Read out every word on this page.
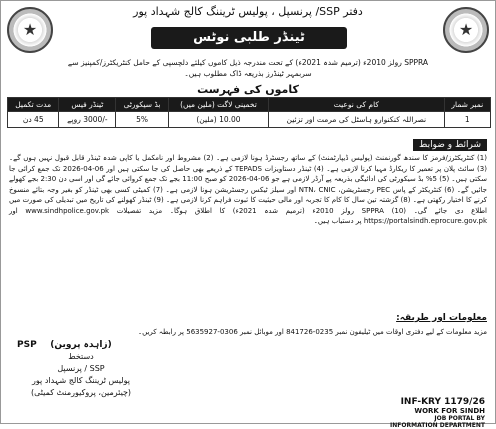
★	★
دفتر SSP/ پرنسپل ، پولیس ٹریننگ کالج شہداد پور
ٹینڈر طلبی نوٹس
SPPRA رولز 2010ء (ترمیم شدہ 2021ء) کے تحت مندرجہ ذیل کاموں کیلئے دلچسپی کے حامل کنٹریکٹرز/کمپنیز سے سربمہر ٹینڈرز بذریعہ ڈاک مطلوب ہیں۔
کاموں کی فہرست
نمبر شمار	کام کی نوعیت	تخمینی لاگت (ملین میں)	بڈ سیکورٹی	ٹینڈر فیس	مدت تکمیل
1	نصراللہ کنکنوارو ہاسٹل کی مرمت اور تزئین	10.00 (ملین)	5%	-/3000 روپے	45 دن
شرائط و ضوابط
(1) کنٹریکٹرز/فرمز کا سندھ گورنمنٹ (پولیس ڈیپارٹمنٹ) کے ساتھ رجسٹرڈ ہونا لازمی ہے۔ (2) مشروط اور نامکمل یا کاپی شدہ ٹینڈر قابل قبول نہیں ہوں گے۔ (3) سائٹ پلان پر تعمیر کا ریکارڈ مہیا کرنا لازمی ہے۔ (4) ٹینڈر دستاویزات TEPADS کے ذریعے بھی حاصل کی جا سکتی ہیں اور 06-04-2026 تک جمع کرائی جا سکتی ہیں۔ (5) 5% بڈ سیکورٹی کی ادائیگی بذریعہ پے آرڈر لازمی ہے جو 06-04-2026 کو صبح 11:00 بجے تک جمع کروائی جائے گی اور اسی دن 2:30 بجے کھولے جائیں گے۔ (6) کنٹریکٹر کے پاس PEC رجسٹریشن، NTN، CNIC اور سیلز ٹیکس رجسٹریشن ہونا لازمی ہے۔ (7) کمیٹی کسی بھی ٹینڈر کو بغیر وجہ بتائے منسوخ کرنے کا اختیار رکھتی ہے۔ (8) گزشتہ تین سال کا کام کا تجربہ اور مالی حیثیت کا ثبوت فراہم کرنا لازمی ہے۔ (9) ٹینڈر کھولنے کی تاریخ میں تبدیلی کی صورت میں اطلاع دی جائے گی۔ (10) SPPRA رولز 2010ء (ترمیم شدہ 2021ء) کا اطلاق ہوگا۔ مزید تفصیلات www.sindhpolice.gov.pk اور https://portalsindh.eprocure.gov.pk پر دستیاب ہیں۔
معلومات اور طریقہ:
مزید معلومات کے لیے دفتری اوقات میں ٹیلیفون نمبر 0235-841726 اور موبائل نمبر 0306-5635927 پر رابطہ کریں۔
PSP	(زاہدہ پروین)
دستخط
SSP / پرنسپل
پولیس ٹریننگ کالج شہداد پور
(چیئرمین، پروکیورمنٹ کمیٹی)
INF-KRY 1179/26
WORK FOR SINDH
JOB PORTAL BY
INFORMATION DEPARTMENT
